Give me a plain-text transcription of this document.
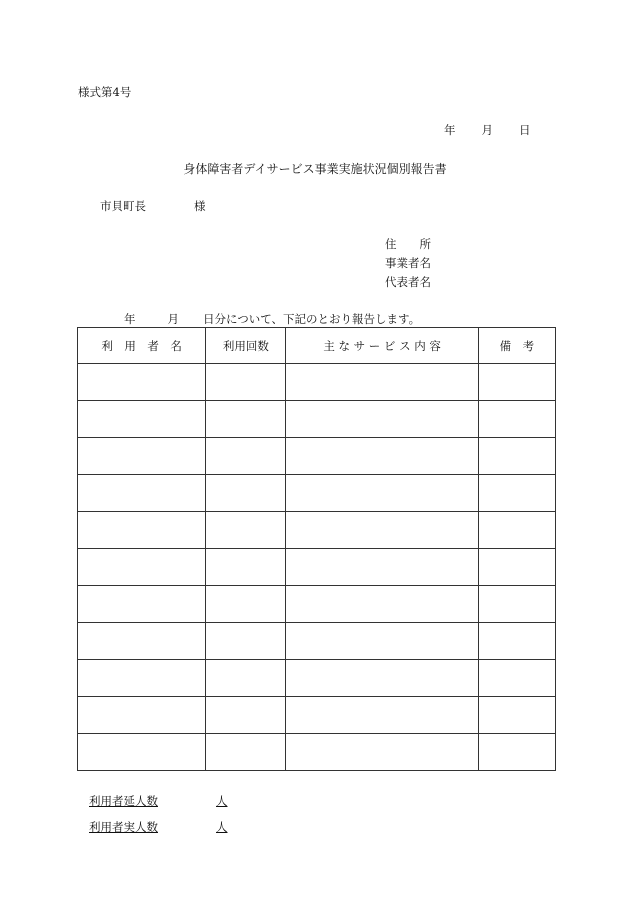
様式第4号
年 月 日
身体障害者デイサービス事業実施状況個別報告書
市貝町長	様
住　　所
事業者名
代表者名
年	月 日分について、下記のとおり報告します。
利　用　者　名	利用回数	主 な サ ー ビ ス 内 容	備　考

利用者延人数	人
利用者実人数	人
